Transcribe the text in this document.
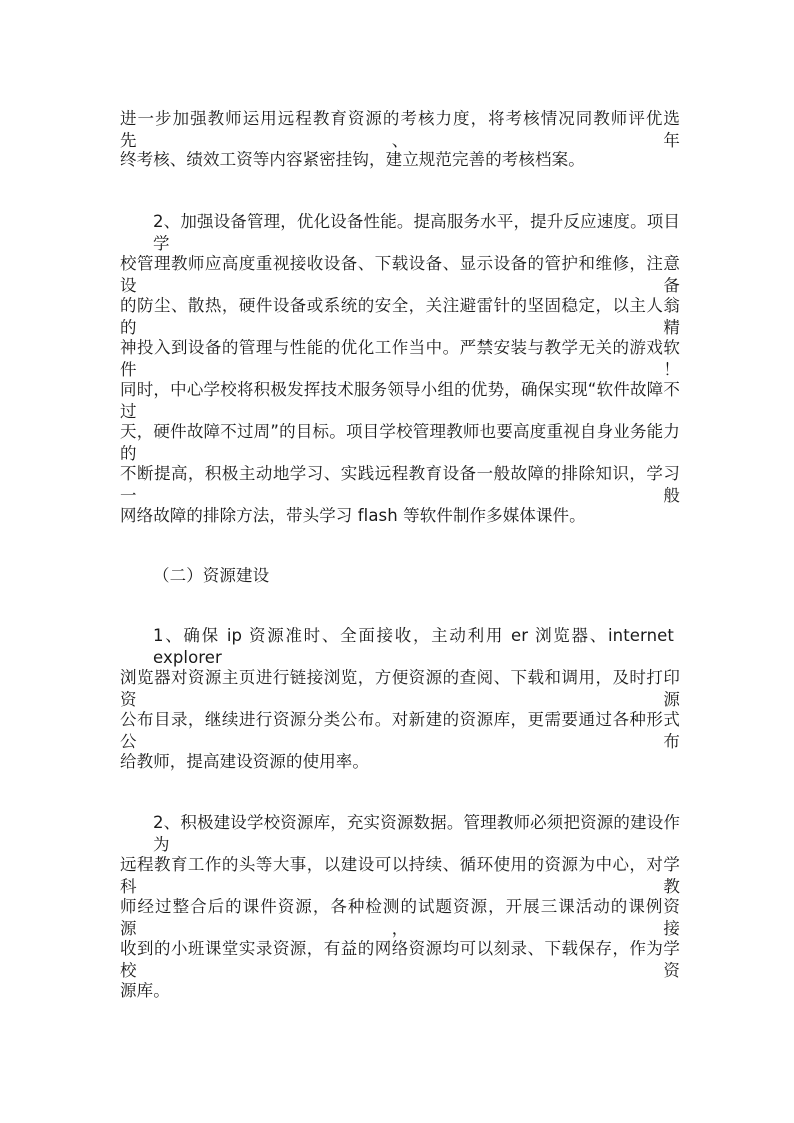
进一步加强教师运用远程教育资源的考核力度，将考核情况同教师评优选先、年
终考核、绩效工资等内容紧密挂钩，建立规范完善的考核档案。
2、加强设备管理，优化设备性能。提高服务水平，提升反应速度。项目学
校管理教师应高度重视接收设备、下载设备、显示设备的管护和维修，注意设备
的防尘、散热，硬件设备或系统的安全，关注避雷针的坚固稳定，以主人翁的精
神投入到设备的管理与性能的优化工作当中。严禁安装与教学无关的游戏软件！
同时，中心学校将积极发挥技术服务领导小组的优势，确保实现“软件故障不过
天，硬件故障不过周”的目标。项目学校管理教师也要高度重视自身业务能力的
不断提高，积极主动地学习、实践远程教育设备一般故障的排除知识，学习一般
网络故障的排除方法，带头学习 flash 等软件制作多媒体课件。
（二）资源建设
1、确保 ip 资源准时、全面接收，主动利用 er 浏览器、internet explorer
浏览器对资源主页进行链接浏览，方便资源的查阅、下载和调用，及时打印资源
公布目录，继续进行资源分类公布。对新建的资源库，更需要通过各种形式公布
给教师，提高建设资源的使用率。
2、积极建设学校资源库，充实资源数据。管理教师必须把资源的建设作为
远程教育工作的头等大事，以建设可以持续、循环使用的资源为中心，对学科教
师经过整合后的课件资源，各种检测的试题资源，开展三课活动的课例资源，接
收到的小班课堂实录资源，有益的网络资源均可以刻录、下载保存，作为学校资
源库。
